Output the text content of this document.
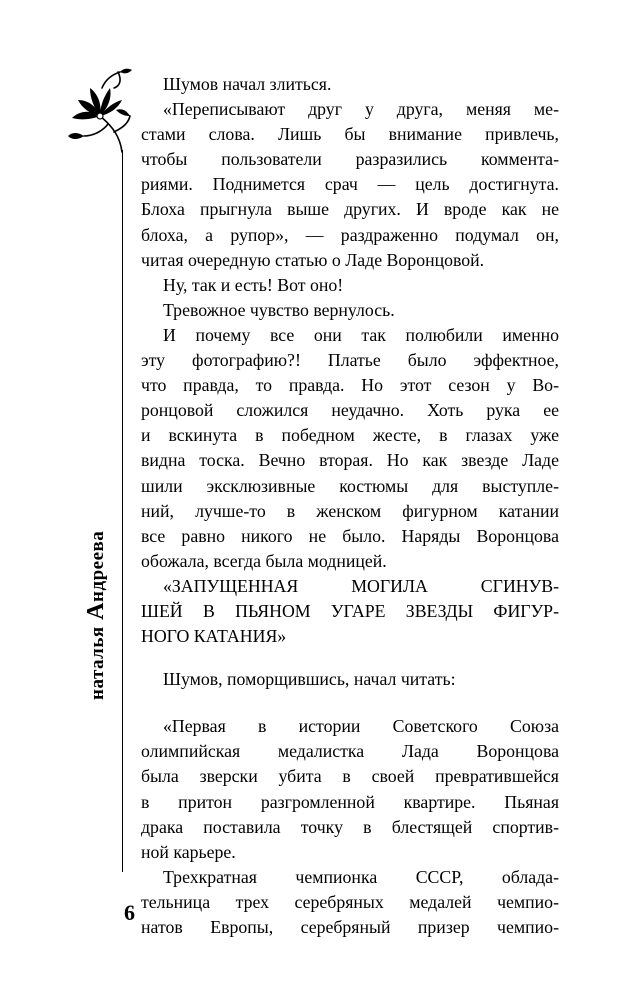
наталья Андреева

Шумов начал злиться.

«Переписывают друг у друга, меняя ме-

стами слова. Лишь бы внимание привлечь,

чтобы пользователи разразились коммента-

риями. Поднимется срач — цель достигнута.

Блоха прыгнула выше других. И вроде как не

блоха, а рупор», — раздраженно подумал он,

читая очередную статью о Ладе Воронцовой.

Ну, так и есть! Вот оно!

Тревожное чувство вернулось.

И почему все они так полюбили именно

эту фотографию?! Платье было эффектное,

что правда, то правда. Но этот сезон у Во-

ронцовой сложился неудачно. Хоть рука ее

и вскинута в победном жесте, в глазах уже

видна тоска. Вечно вторая. Но как звезде Ладе

шили эксклюзивные костюмы для выступле-

ний, лучше-то в женском фигурном катании

все равно никого не было. Наряды Воронцова

обожала, всегда была модницей.

«ЗАПУЩЕННАЯ МОГИЛА СГИНУВ-

ШЕЙ В ПЬЯНОМ УГАРЕ ЗВЕЗДЫ ФИГУР-

НОГО КАТАНИЯ»

Шумов, поморщившись, начал читать:

«Первая в истории Советского Союза

олимпийская медалистка Лада Воронцова

была зверски убита в своей превратившейся

в притон разгромленной квартире. Пьяная

драка поставила точку в блестящей спортив-

ной карьере.

Трехкратная чемпионка СССР, облада-

тельница трех серебряных медалей чемпио-

натов Европы, серебряный призер чемпио-

6
